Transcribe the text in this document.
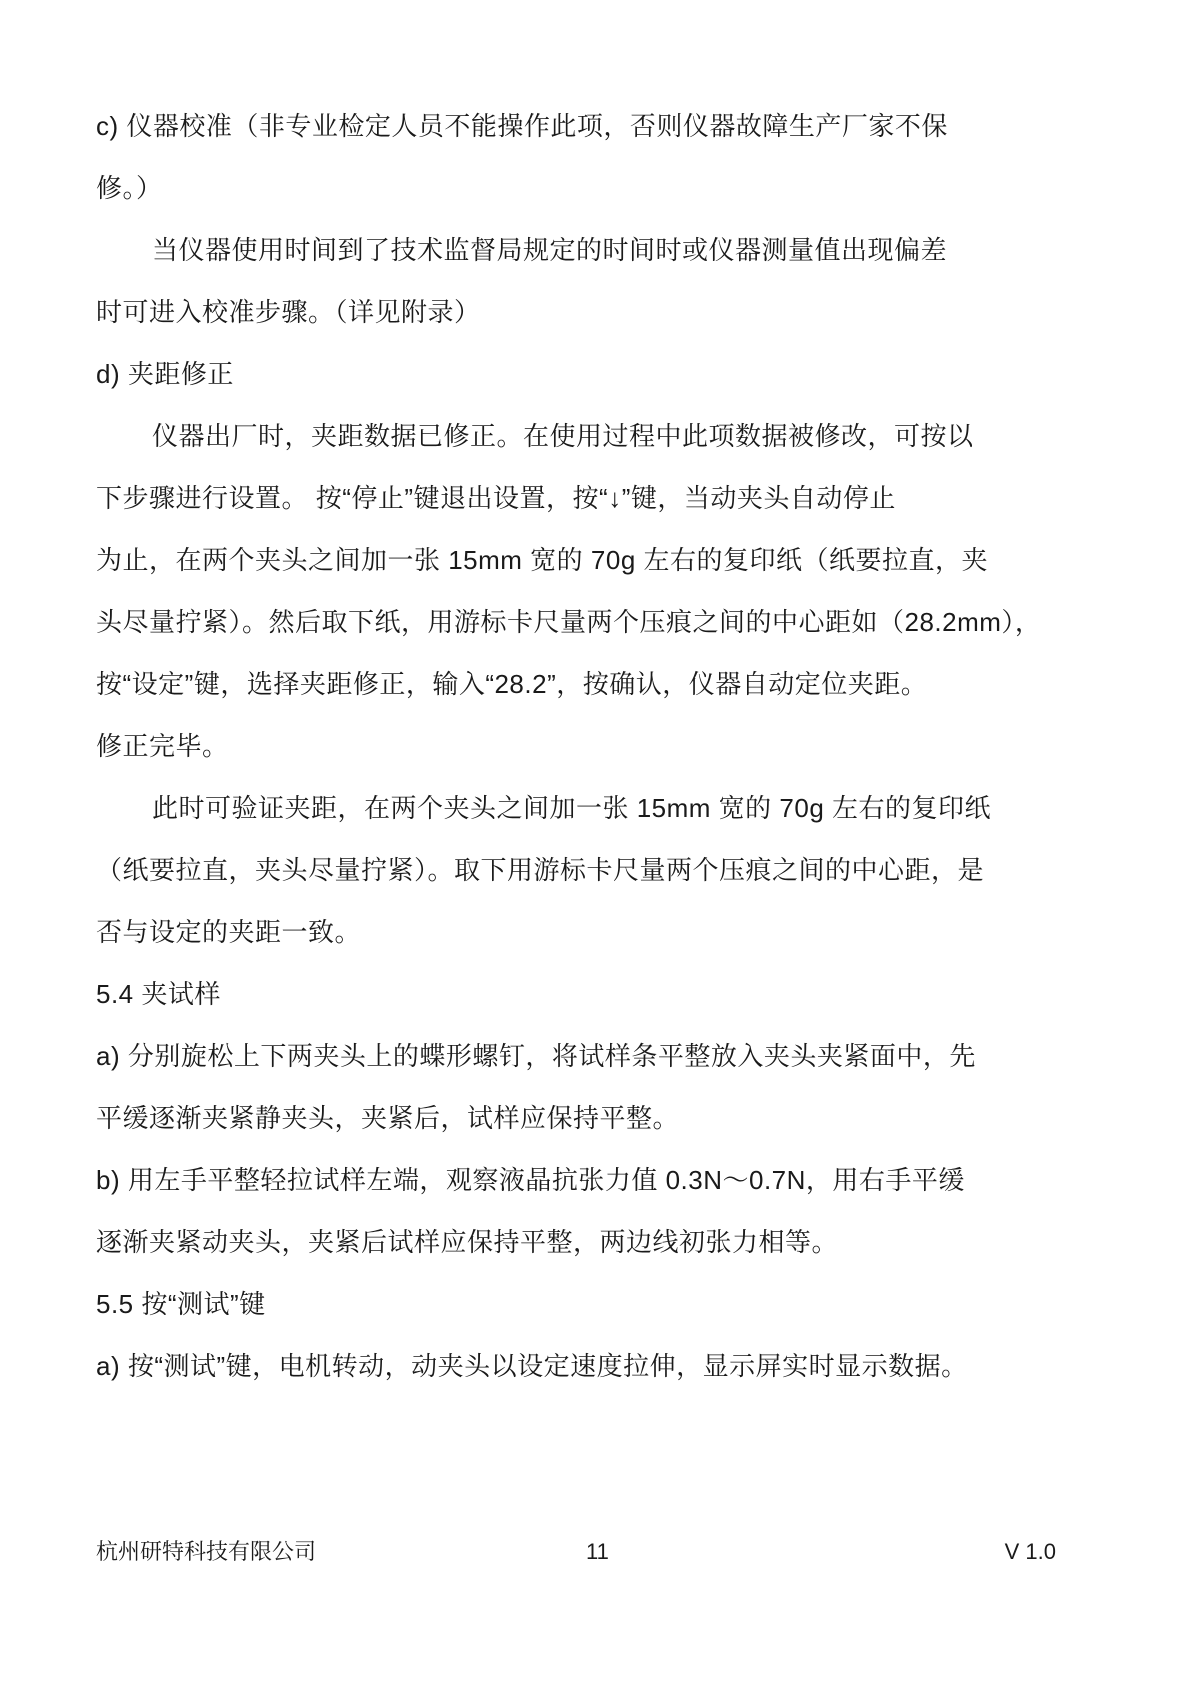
c) 仪器校准（非专业检定人员不能操作此项，否则仪器故障生产厂家不保
修。）
当仪器使用时间到了技术监督局规定的时间时或仪器测量值出现偏差
时可进入校准步骤。（详见附录）
d) 夹距修正
仪器出厂时，夹距数据已修正。在使用过程中此项数据被修改，可按以
下步骤进行设置。 按“停止”键退出设置，按“↓”键，当动夹头自动停止
为止，在两个夹头之间加一张 15mm 宽的 70g 左右的复印纸（纸要拉直，夹
头尽量拧紧）。然后取下纸，用游标卡尺量两个压痕之间的中心距如（28.2mm），
按“设定”键，选择夹距修正，输入“28.2”，按确认，仪器自动定位夹距。
修正完毕。
此时可验证夹距，在两个夹头之间加一张 15mm 宽的 70g 左右的复印纸
（纸要拉直，夹头尽量拧紧）。取下用游标卡尺量两个压痕之间的中心距，是
否与设定的夹距一致。
5.4 夹试样
a) 分别旋松上下两夹头上的蝶形螺钉，将试样条平整放入夹头夹紧面中，先
平缓逐渐夹紧静夹头，夹紧后，试样应保持平整。
b) 用左手平整轻拉试样左端，观察液晶抗张力值 0.3N～0.7N，用右手平缓
逐渐夹紧动夹头，夹紧后试样应保持平整，两边线初张力相等。
5.5 按“测试”键
a) 按“测试”键，电机转动，动夹头以设定速度拉伸，显示屏实时显示数据。
杭州研特科技有限公司	11	V 1.0
